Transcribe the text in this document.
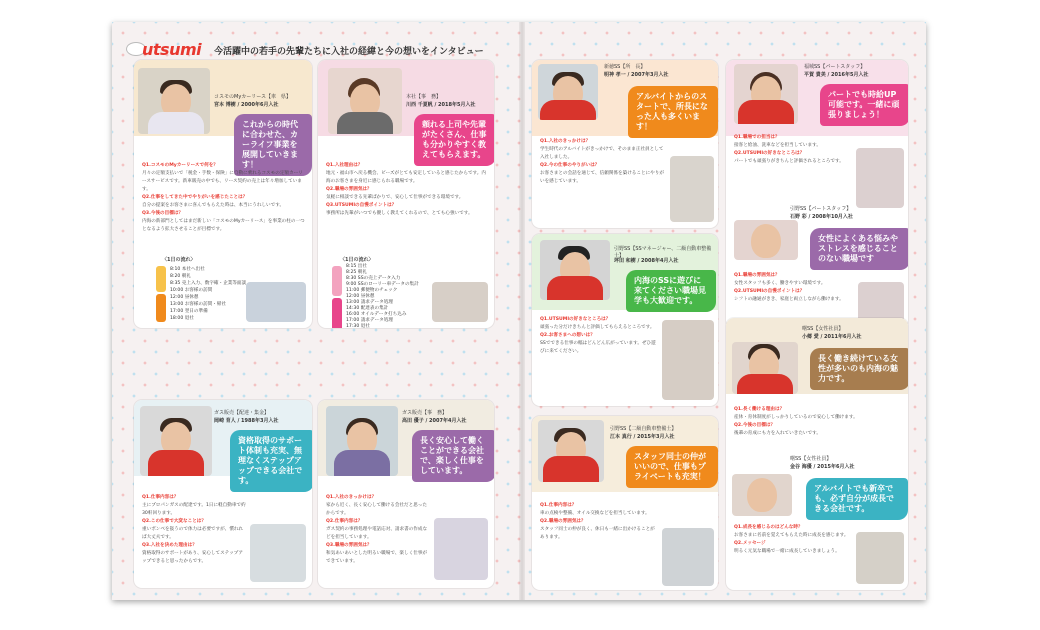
utsumi 今活躍中の若手の先輩たちに入社の経緯と今の想いをインタビュー
コスモのMyカーリース【車　県】
宮本 博樹 / 2000年6月入社
これからの時代に合わせた、カーライフ事業を展開していきます！
Q1.コスモのMyカーリースで何を？
月々の定額支払いで「税金・手数・保険」に自動に乗れるコスモの定額カーリースサービスです。新車販売の中でも、リース契約の売上は年々増加しています。
Q2.仕事をしてきた中でやりがいを感じたことは？
自分の提案をお客さまに喜んでもらえた時は、本当にうれしいです。
Q3.今後の目標は？
内海の新部門としてはまだ新しい「コスモのMyカーリース」を事業の柱の一つとなるよう拡大させることが目標です。
〈1日の流れ〉
8:10 本社へ出社
8:20 朝礼
8:35 売上入力、数字確・企業等面談
10:00 お客様の訪問
12:00 昼休憩
13:00 お客様の訪問・帰社
17:00 翌日の準備
18:00 退社
本社【事　務】
川西 千夏帆 / 2018年5月入社
頼れる上司や先輩がたくさん、仕事も分かりやすく教えてもらえます。
Q1.入社理由は？
地元・福山市へ戻る機会、ビーズがとても安定していると感じたからです。内海のお客さまを身近に感じられる職場です。
Q2.職場の雰囲気は？
気軽に相談できる先輩ばかりで、安心して仕事ができる環境です。
Q3.UTSUMIの自慢ポイントは？
事務所は先輩がいつでも優しく教えてくれるので、とても心強いです。
〈1日の流れ〉
8:15 出社
8:25 朝礼
8:30 SSの売上データ入力
9:00 SSのローリー車データの集計
11:00 郵便物のチェック
12:00 昼休憩
13:00 請求データ処理
14:30 配達表の集計
16:00 オイルデータ打ち込み
17:00 請求データ処理
17:30 退社
ガス販売【配達・集金】
岡崎 育人 / 1988年3月入社
資格取得のサポート体制も充実、無理なくステップアップできる会社です。
Q1.仕事内容は？
主にプロパンガスの配達です。1日に軽自動車で約30軒回ります。
Q2.この仕事で大変なことは？
重いボンベを扱うので体力は必要ですが、慣れれば大丈夫です。
Q3.入社を決めた理由は？
資格取得のサポートがあり、安心してステップアップできると思ったからです。
ガス販売【事　務】
高田 優子 / 2007年4月入社
長く安心して働くことができる会社で、楽しく仕事をしています。
Q1.入社のきっかけは？
家から近く、長く安心して働ける会社だと思ったからです。
Q2.仕事内容は？
ガス契約の事務処理や電話応対、請求書の作成などを担当しています。
Q3.職場の雰囲気は？
和気あいあいとした明るい職場で、楽しく仕事ができています。
新徳SS【所　長】
明神 孝一 / 2007年3月入社
アルバイトからのスタートで、所長になった人も多くいます！
Q1.入社のきっかけは？
学生時代のアルバイトがきっかけで、そのまま正社員として入社しました。
Q2.今の仕事のやりがいは？
お客さまとの会話を通じて、信頼関係を築けることにやりがいを感じています。
引野SS【SSマネージャー、二級自動車整備士】
坪田 和樹 / 2008年4月入社
内海のSSに遊びに来てください職場見学も大歓迎です。
Q1.UTSUMIの好きなところは？
頑張った分だけきちんと評価してもらえるところです。
Q2.お客さまへの想いは？
SSでできる仕事の幅はどんどん広がっています。ぜひ遊びに来てください。
引野SS【二級自動車整備士】
江本 真行 / 2015年3月入社
スタッフ同士の仲がいいので、仕事もプライベートも充実！
Q1.仕事内容は？
車の点検や整備、オイル交換などを担当しています。
Q2.職場の雰囲気は？
スタッフ同士の仲が良く、休日も一緒に出かけることがあります。
福城SS【パートスタッフ】
平賀 貴美 / 2016年5月入社
パートでも時給UP可能です。一緒に頑張りましょう！
Q1.職場での担当は？
接客と給油、洗車などを担当しています。
Q2.UTSUMIの好きなところは？
パートでも頑張りがきちんと評価されるところです。
引野SS【パートスタッフ】
石野 彩 / 2008年10月入社
女性によくある悩みやストレスを感じることのない職場です
Q1.職場の雰囲気は？
女性スタッフも多く、働きやすい環境です。
Q2.UTSUMIの自慢ポイントは？
シフトの融通がきき、家庭と両立しながら働けます。
曙SS【女性社員】
小郷 愛 / 2011年6月入社
長く働き続けている女性が多いのも内海の魅力です。
Q1.長く働ける理由は？
産休・育休制度がしっかりしているので安心して働けます。
Q2.今後の目標は？
後輩の育成にも力を入れていきたいです。
曙SS【女性社員】
金谷 海優 / 2015年6月入社
アルバイトでも新卒でも、必ず自分が成長できる会社です。
Q1.成長を感じるのはどんな時？
お客さまに名前を覚えてもらえた時に成長を感じます。
Q2.メッセージ
明るく元気な職場で一緒に成長していきましょう。
